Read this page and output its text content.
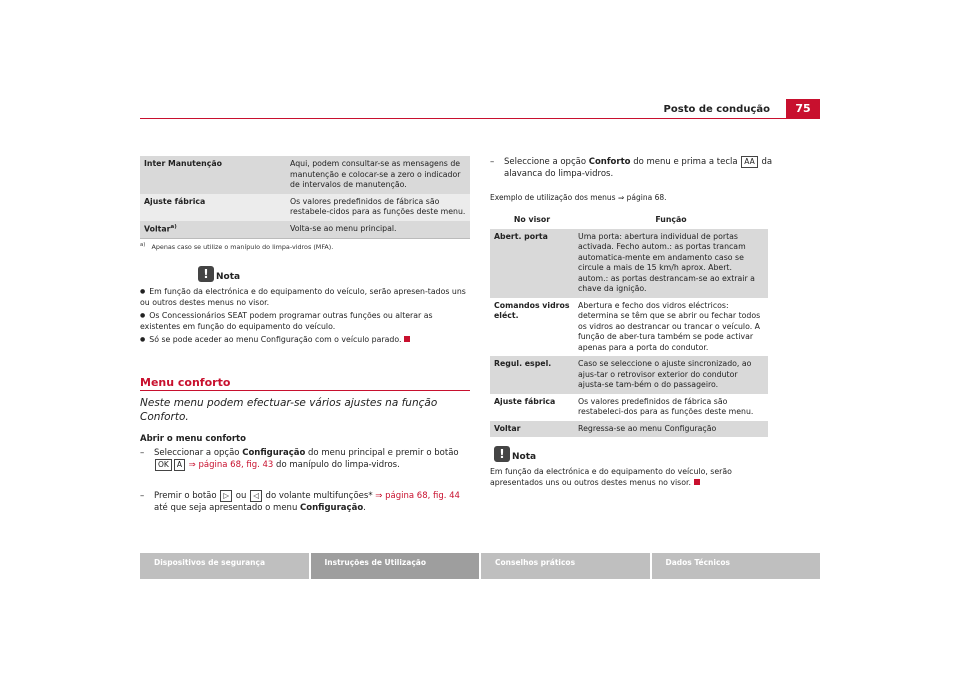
Posto de condução	75
Inter Manutenção	Aqui, podem consultar-se as mensagens de manutenção e colocar-se a zero o indicador de intervalos de manutenção.
Ajuste fábrica	Os valores predefinidos de fábrica são restabele-cidos para as funções deste menu.
Voltar$^{a)}$	Volta-se ao menu principal.
$^{a)}$ Apenas caso se utilize o manípulo do limpa-vidros (MFA).
! Nota
● Em função da electrónica e do equipamento do veículo, serão apresen-tados uns ou outros destes menus no visor.
● Os Concessionários SEAT podem programar outras funções ou alterar as existentes em função do equipamento do veículo.
● Só se pode aceder ao menu Configuração com o veículo parado.
Menu conforto
Neste menu podem efectuar-se vários ajustes na função Conforto.
Abrir o menu conforto
–	Seleccionar a opção Configuração do menu principal e premir o botão OK A ⇒ página 68, fig. 43 do manípulo do limpa-vidros.
–	Premir o botão ▷ ou ◁ do volante multifunções* ⇒ página 68, fig. 44 até que seja apresentado o menu Configuração.
–	Seleccione a opção Conforto do menu e prima a tecla AA da alavanca do limpa-vidros.
Exemplo de utilização dos menus ⇒ página 68.
No visor	Função
Abert. porta	Uma porta: abertura individual de portas activada. Fecho autom.: as portas trancam automatica-mente em andamento caso se circule a mais de 15 km/h aprox. Abert. autom.: as portas destrancam-se ao extrair a chave da ignição.
Comandos vidros eléct.	Abertura e fecho dos vidros eléctricos: determina se têm que se abrir ou fechar todos os vidros ao destrancar ou trancar o veículo. A função de aber-tura também se pode activar apenas para a porta do condutor.
Regul. espel.	Caso se seleccione o ajuste sincronizado, ao ajus-tar o retrovisor exterior do condutor ajusta-se tam-bém o do passageiro.
Ajuste fábrica	Os valores predefinidos de fábrica são restabeleci-dos para as funções deste menu.
Voltar	Regressa-se ao menu Configuração
! Nota
Em função da electrónica e do equipamento do veículo, serão apresentados uns ou outros destes menus no visor.
Dispositivos de segurança	Instruções de Utilização	Conselhos práticos	Dados Técnicos
